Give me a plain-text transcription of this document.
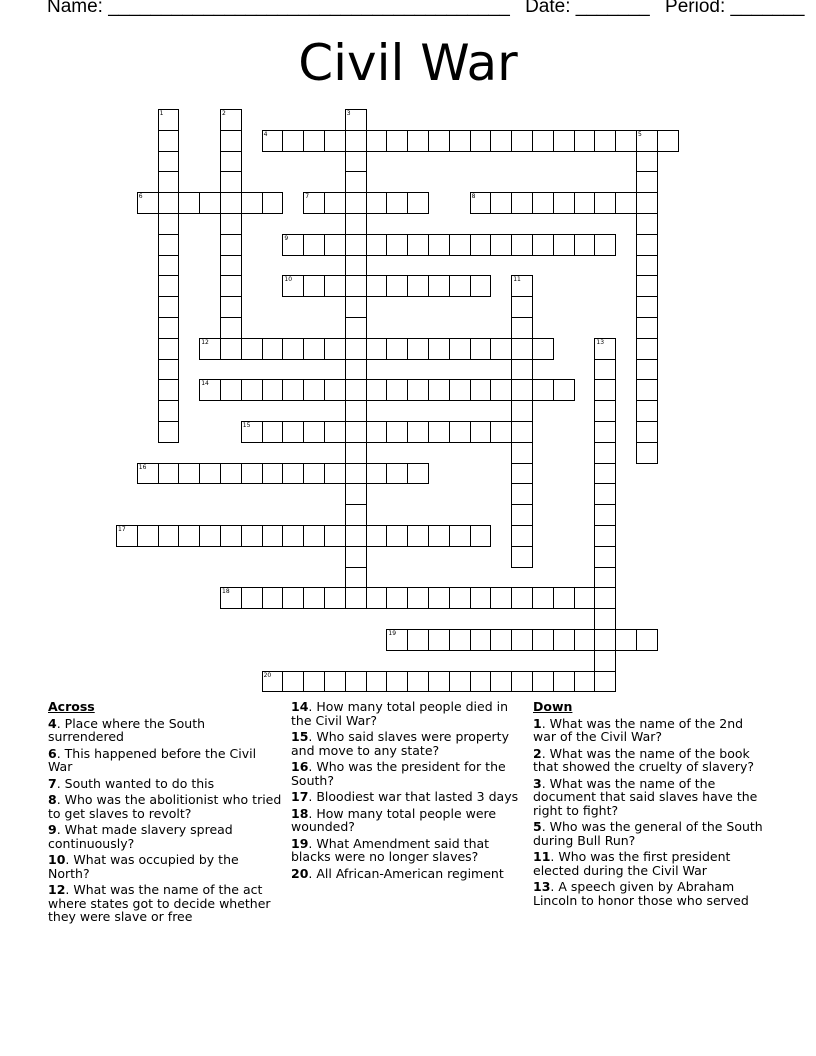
Name: ______________________________________ Date: _______ Period: _______
Civil War
1	2	3
4	5
6	7	8
9
10	11
12	13
14
15
16
17
18
19
20
Across
4. Place where the South surrendered
6. This happened before the Civil War
7. South wanted to do this
8. Who was the abolitionist who tried to get slaves to revolt?
9. What made slavery spread continuously?
10. What was occupied by the North?
12. What was the name of the act where states got to decide whether they were slave or free
14. How many total people died in the Civil War?
15. Who said slaves were property and move to any state?
16. Who was the president for the South?
17. Bloodiest war that lasted 3 days
18. How many total people were wounded?
19. What Amendment said that blacks were no longer slaves?
20. All African-American regiment
Down
1. What was the name of the 2nd war of the Civil War?
2. What was the name of the book that showed the cruelty of slavery?
3. What was the name of the document that said slaves have the right to fight?
5. Who was the general of the South during Bull Run?
11. Who was the first president elected during the Civil War
13. A speech given by Abraham Lincoln to honor those who served
